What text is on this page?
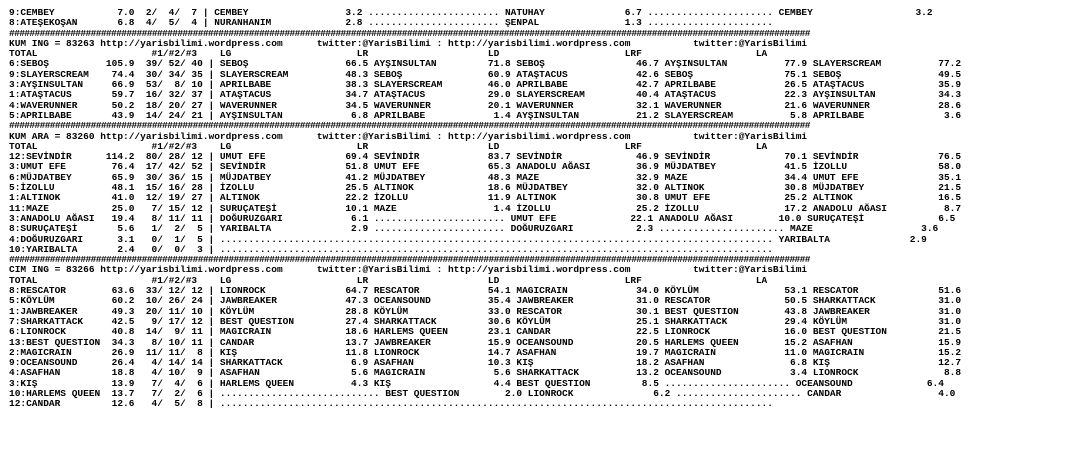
9:CEMBEY           7.0  2/  4/  7 | CEMBEY                 3.2 ....................... NATUHAY              6.7 ...................... CEMBEY                  3.2
8:ATEŞEKOŞAN       6.8  4/  5/  4 | NURANHANIM             2.8 ....................... ŞENPAL               1.3 ......................
#############################################################################################################################################################
KUM ING = 83263 http://yarisbilimi.wordpress.com      twitter:@YarisBilimi : http://yarisbilimi.wordpress.com           twitter:@YarisBilimi
TOTAL                    #1/#2/#3    LG                      LR                     LD                      LRF                    LA
6:SEBOŞ          105.9  39/ 52/ 40 | SEBOŞ                 66.5 AYŞINSULTAN         71.8 SEBOŞ                46.7 AYŞINSULTAN          77.9 SLAYERSCREAM          77.2
9:SLAYERSCREAM    74.4  30/ 34/ 35 | SLAYERSCREAM          48.3 SEBOŞ               60.9 ATAŞTACUS            42.6 SEBOŞ                75.1 SEBOŞ                 49.5
3:AYŞINSULTAN     66.9  53/  8/ 10 | APRILBABE             38.3 SLAYERSCREAM        46.0 APRILBABE            42.7 APRILBABE            26.5 ATAŞTACUS             35.9
1:ATAŞTACUS       59.7  16/ 32/ 37 | ATAŞTACUS             34.7 ATAŞTACUS           29.0 SLAYERSCREAM         40.4 ATAŞTACUS            22.3 AYŞINSULTAN           34.3
4:WAVERUNNER      50.2  18/ 20/ 27 | WAVERUNNER            34.5 WAVERUNNER          20.1 WAVERUNNER           32.1 WAVERUNNER           21.6 WAVERUNNER            28.6
5:APRILBABE       43.9  14/ 24/ 21 | AYŞINSULTAN            6.8 APRILBABE            1.4 AYŞINSULTAN          21.2 SLAYERSCREAM          5.8 APRILBABE              3.6
#############################################################################################################################################################
KUM ARA = 83260 http://yarisbilimi.wordpress.com      twitter:@YarisBilimi : http://yarisbilimi.wordpress.com           twitter:@YarisBilimi
TOTAL                    #1/#2/#3    LG                      LR                     LD                      LRF                    LA
12:SEVİNDİR      114.2  80/ 28/ 12 | UMUT EFE              69.4 SEVİNDİR            83.7 SEVİNDİR             46.9 SEVİNDİR             70.1 SEVİNDİR              76.5
3:UMUT EFE        76.4  17/ 42/ 52 | SEVİNDİR              51.8 UMUT EFE            65.3 ANADOLU AĞASI        36.9 MÜJDATBEY            41.5 İZOLLU                58.0
6:MÜJDATBEY       65.9  30/ 36/ 15 | MÜJDATBEY             41.2 MÜJDATBEY           48.3 MAZE                 32.9 MAZE                 34.4 UMUT EFE              35.1
5:İZOLLU          48.1  15/ 16/ 28 | İZOLLU                25.5 ALTINOK             18.6 MÜJDATBEY            32.0 ALTINOK              30.8 MÜJDATBEY             21.5
1:ALTINOK         41.0  12/ 19/ 27 | ALTINOK               22.2 İZOLLU              11.9 ALTINOK              30.8 UMUT EFE             25.2 ALTINOK               16.5
11:MAZE           25.0   7/ 15/ 12 | SURUÇATEŞİ            10.1 MAZE                 1.4 İZOLLU               25.2 İZOLLU               17.2 ANADOLU AĞASI          8.7
3:ANADOLU AĞASI   19.4   8/ 11/ 11 | DOĞURUZGARI            6.1 ....................... UMUT EFE             22.1 ANADOLU AĞASI        10.0 SURUÇATEŞİ             6.5
8:SURUÇATEŞİ       5.6   1/  2/  5 | YARIBALTA              2.9 ....................... DOĞURUZGARI           2.3 ...................... MAZE                   3.6
4:DOĞURUZGARI      3.1   0/  1/  5 | ................................................................................................. YARIBALTA              2.9
10:YARIBALTA       2.4   0/  0/  3 | .................................................................................................
#############################################################################################################################################################
CIM ING = 83266 http://yarisbilimi.wordpress.com      twitter:@YarisBilimi : http://yarisbilimi.wordpress.com           twitter:@YarisBilimi
TOTAL                    #1/#2/#3    LG                      LR                     LD                      LRF                    LA
8:RESCATOR        63.6  33/ 12/ 12 | LIONROCK              64.7 RESCATOR            54.1 MAGICRAIN            34.0 KÖYLÜM               53.1 RESCATOR              51.6
5:KÖYLÜM          60.2  10/ 26/ 24 | JAWBREAKER            47.3 OCEANSOUND          35.4 JAWBREAKER           31.0 RESCATOR             50.5 SHARKATTACK           31.0
1:JAWBREAKER      49.3  20/ 11/ 10 | KÖYLÜM                28.8 KÖYLÜM              33.0 RESCATOR             30.1 BEST QUESTION        43.8 JAWBREAKER            31.0
7:SHARKATTACK     42.5   9/ 17/ 12 | BEST QUESTION         27.4 SHARKATTACK         30.6 KÖYLÜM               25.1 SHARKATTACK          29.4 KÖYLÜM                31.0
6:LIONROCK        40.8  14/  9/ 11 | MAGICRAIN             18.6 HARLEMS QUEEN       23.1 CANDAR               22.5 LIONROCK             16.0 BEST QUESTION         21.5
13:BEST QUESTION  34.3   8/ 10/ 11 | CANDAR                13.7 JAWBREAKER          15.9 OCEANSOUND           20.5 HARLEMS QUEEN        15.2 ASAFHAN               15.9
2:MAGICRAIN       26.9  11/ 11/  8 | KIŞ                   11.8 LIONROCK            14.7 ASAFHAN              19.7 MAGICRAIN            11.0 MAGICRAIN             15.2
9:OCEANSOUND      26.4   4/ 14/ 14 | SHARKATTACK            6.9 ASAFHAN             10.3 KIŞ                  18.2 ASAFHAN               6.8 KIŞ                   12.7
4:ASAFHAN         18.8   4/ 10/  9 | ASAFHAN                5.6 MAGICRAIN            5.6 SHARKATTACK          13.2 OCEANSOUND            3.4 LIONROCK               8.8
3:KIŞ             13.9   7/  4/  6 | HARLEMS QUEEN          4.3 KIŞ                  4.4 BEST QUESTION         8.5 ...................... OCEANSOUND             6.4
10:HARLEMS QUEEN  13.7   7/  2/  6 | ............................ BEST QUESTION        2.0 LIONROCK              6.2 ...................... CANDAR                 4.0
12:CANDAR         12.6   4/  5/  8 | .................................................................................................
